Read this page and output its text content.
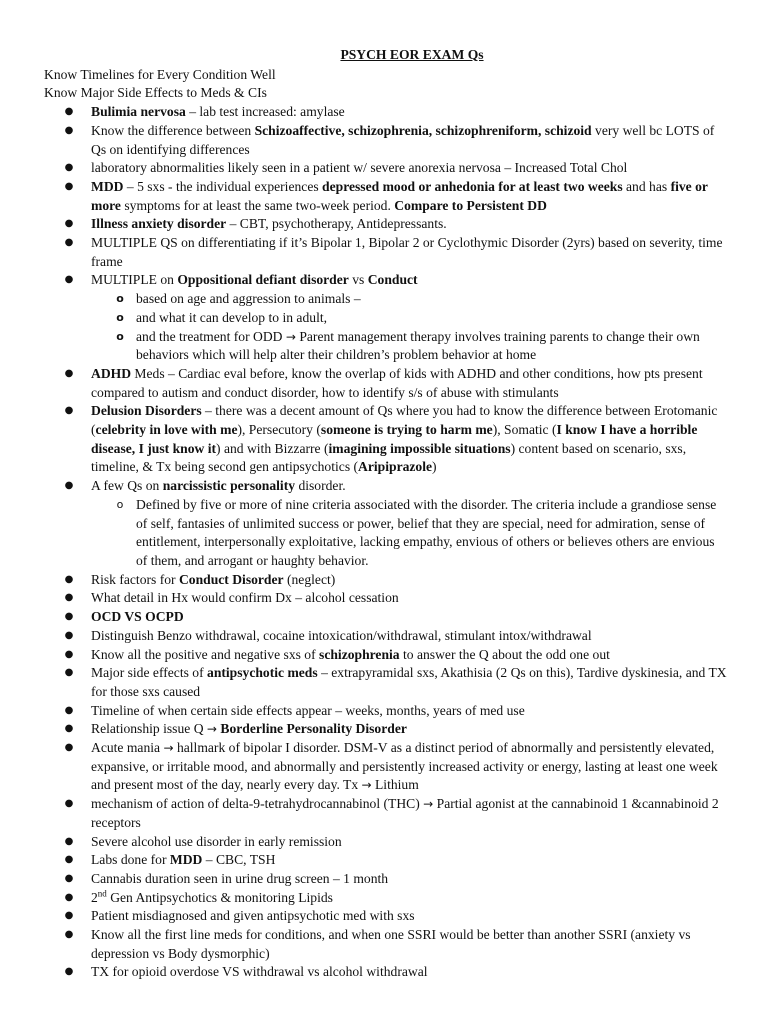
PSYCH EOR EXAM Qs

Know Timelines for Every Condition Well

Know Major Side Effects to Meds & CIs

● Bulimia nervosa – lab test increased: amylase
● Know the difference between Schizoaffective, schizophrenia, schizophreniform, schizoid very well bc LOTS of Qs on identifying differences
● laboratory abnormalities likely seen in a patient w/ severe anorexia nervosa – Increased Total Chol
● MDD – 5 sxs - the individual experiences depressed mood or anhedonia for at least two weeks and has five or more symptoms for at least the same two-week period. Compare to Persistent DD
● Illness anxiety disorder – CBT, psychotherapy, Antidepressants.
● MULTIPLE QS on differentiating if it’s Bipolar 1, Bipolar 2 or Cyclothymic Disorder (2yrs) based on severity, time frame
● MULTIPLE on Oppositional defiant disorder vs Conduct
o based on age and aggression to animals –
o and what it can develop to in adult,
o and the treatment for ODD → Parent management therapy involves training parents to change their own behaviors which will help alter their children’s problem behavior at home
● ADHD Meds – Cardiac eval before, know the overlap of kids with ADHD and other conditions, how pts present compared to autism and conduct disorder, how to identify s/s of abuse with stimulants
● Delusion Disorders – there was a decent amount of Qs where you had to know the difference between Erotomanic (celebrity in love with me), Persecutory (someone is trying to harm me), Somatic (I know I have a horrible disease, I just know it) and with Bizzarre (imagining impossible situations) content based on scenario, sxs, timeline, & Tx being second gen antipsychotics (Aripiprazole)
● A few Qs on narcissistic personality disorder.
o Defined by five or more of nine criteria associated with the disorder. The criteria include a grandiose sense of self, fantasies of unlimited success or power, belief that they are special, need for admiration, sense of entitlement, interpersonally exploitative, lacking empathy, envious of others or believes others are envious of them, and arrogant or haughty behavior.
● Risk factors for Conduct Disorder (neglect)
● What detail in Hx would confirm Dx – alcohol cessation
● OCD VS OCPD
● Distinguish Benzo withdrawal, cocaine intoxication/withdrawal, stimulant intox/withdrawal
● Know all the positive and negative sxs of schizophrenia to answer the Q about the odd one out
● Major side effects of antipsychotic meds – extrapyramidal sxs, Akathisia (2 Qs on this), Tardive dyskinesia, and TX for those sxs caused
● Timeline of when certain side effects appear – weeks, months, years of med use
● Relationship issue Q → Borderline Personality Disorder
● Acute mania → hallmark of bipolar I disorder. DSM-V as a distinct period of abnormally and persistently elevated, expansive, or irritable mood, and abnormally and persistently increased activity or energy, lasting at least one week and present most of the day, nearly every day. Tx → Lithium
● mechanism of action of delta-9-tetrahydrocannabinol (THC) → Partial agonist at the cannabinoid 1 &cannabinoid 2 receptors
● Severe alcohol use disorder in early remission
● Labs done for MDD – CBC, TSH
● Cannabis duration seen in urine drug screen – 1 month
● 2nd Gen Antipsychotics & monitoring Lipids
● Patient misdiagnosed and given antipsychotic med with sxs
● Know all the first line meds for conditions, and when one SSRI would be better than another SSRI (anxiety vs depression vs Body dysmorphic)
● TX for opioid overdose VS withdrawal vs alcohol withdrawal
